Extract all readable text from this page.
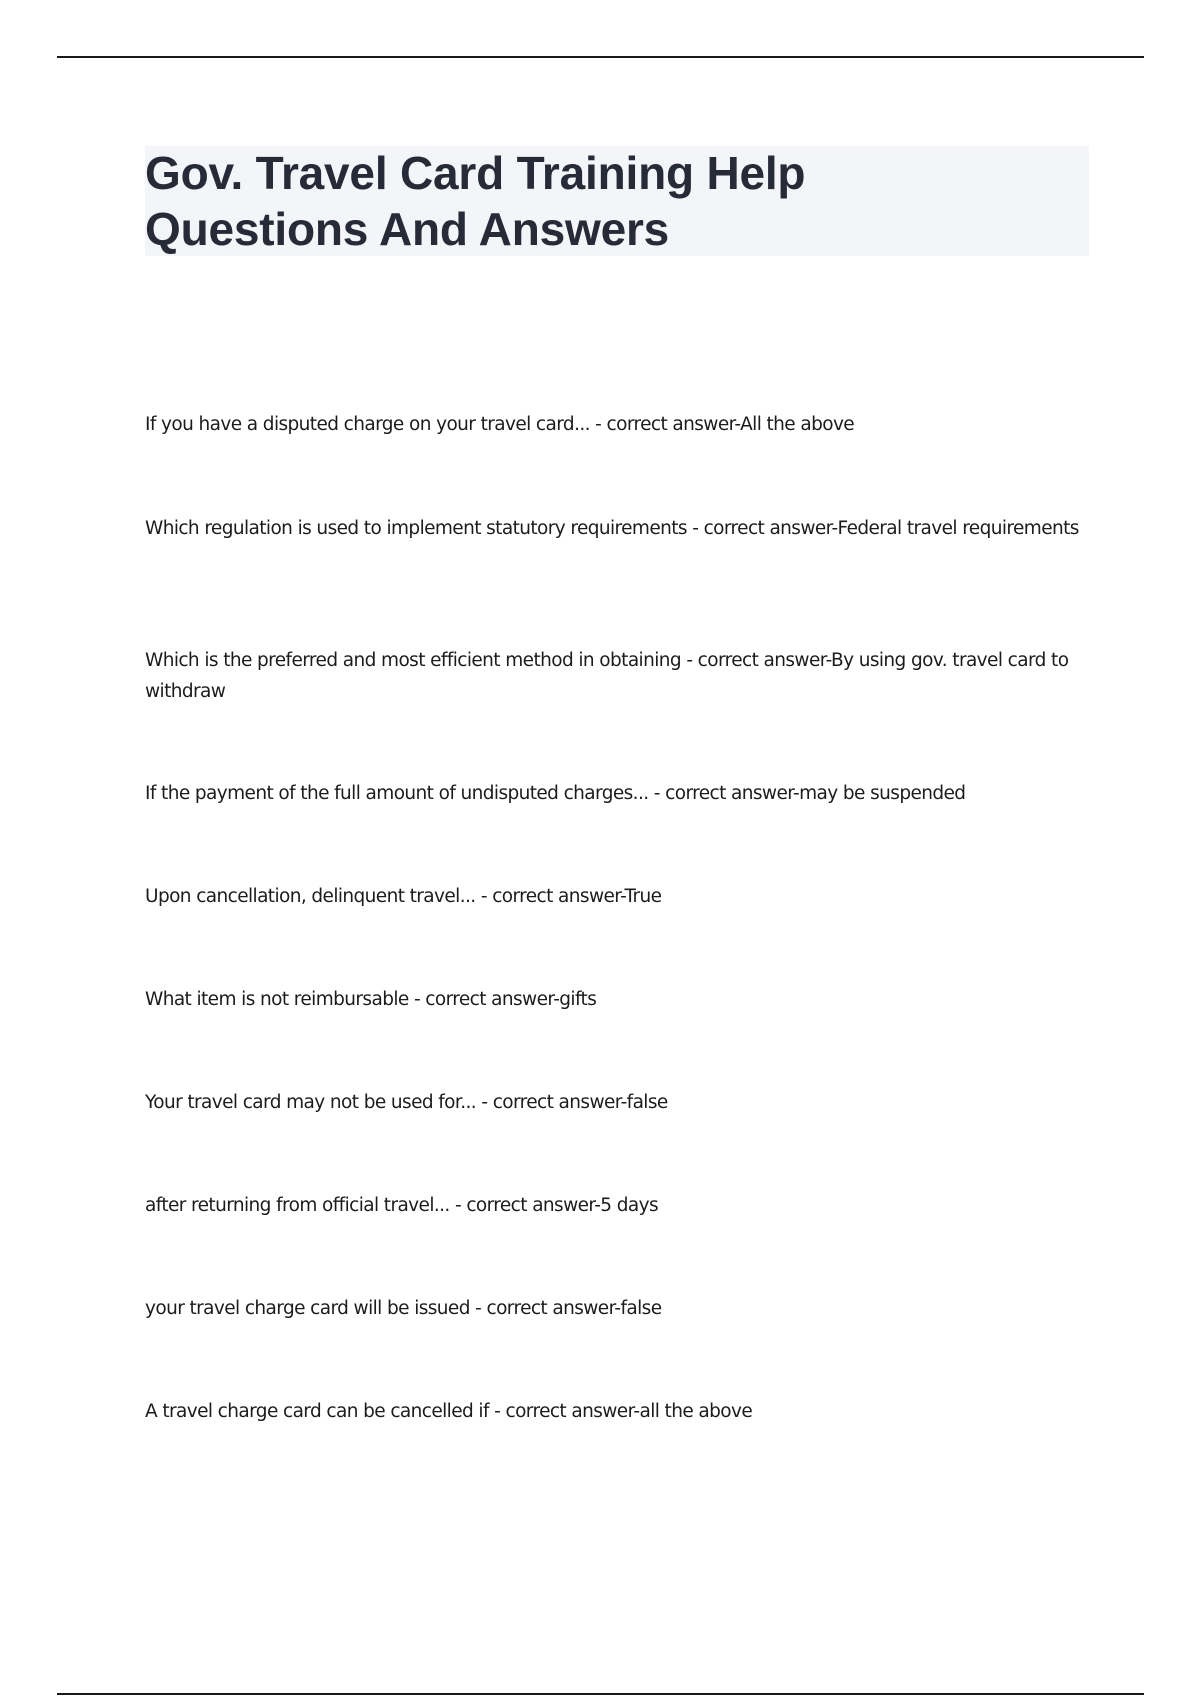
Gov. Travel Card Training Help Questions And Answers

If you have a disputed charge on your travel card... - correct answer-All the above

Which regulation is used to implement statutory requirements - correct answer-Federal travel requirements

Which is the preferred and most efficient method in obtaining - correct answer-By using gov. travel card to withdraw

If the payment of the full amount of undisputed charges... - correct answer-may be suspended

Upon cancellation, delinquent travel... - correct answer-True

What item is not reimbursable - correct answer-gifts

Your travel card may not be used for... - correct answer-false

after returning from official travel... - correct answer-5 days

your travel charge card will be issued - correct answer-false

A travel charge card can be cancelled if - correct answer-all the above
